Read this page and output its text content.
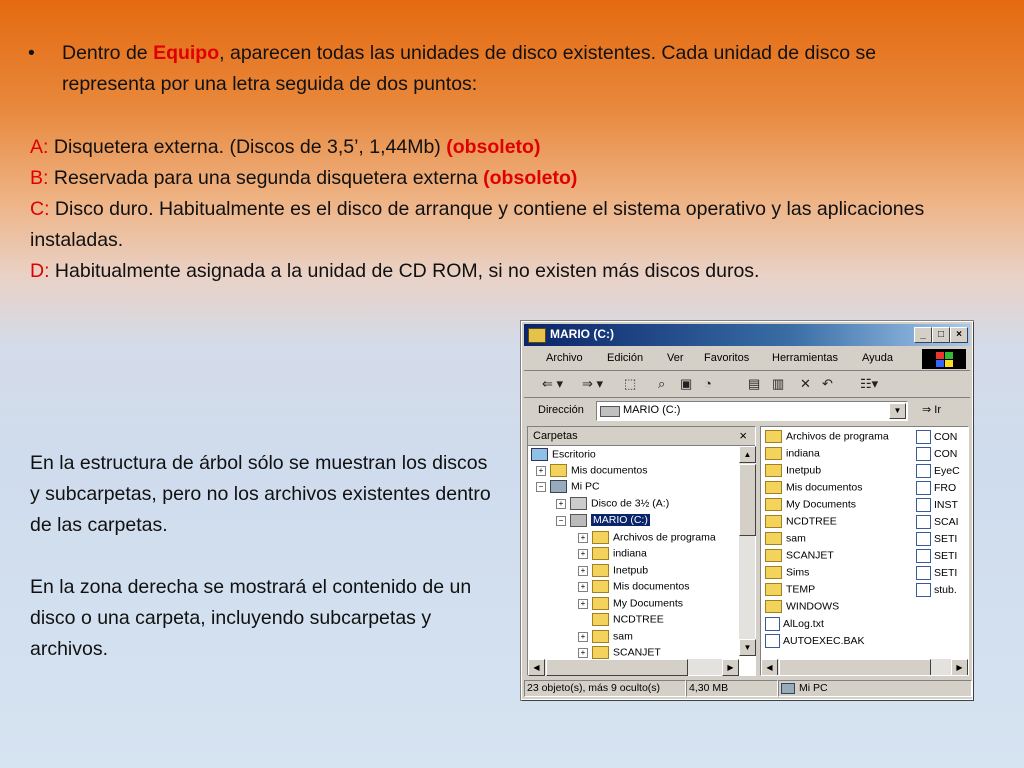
•	Dentro de Equipo, aparecen todas las unidades de disco existentes. Cada unidad de disco se representa por una letra seguida de dos puntos:
A: Disquetera externa. (Discos de 3,5’, 1,44Mb) (obsoleto)
B: Reservada para una segunda disquetera externa (obsoleto)
C: Disco duro. Habitualmente es el disco de arranque y contiene el sistema operativo y las aplicaciones instaladas.
D: Habitualmente asignada a la unidad de CD ROM, si no existen más discos duros.
En la estructura de árbol sólo se muestran los discos y subcarpetas, pero no los archivos existentes dentro de las carpetas.
En la zona derecha se mostrará el contenido de un disco o una carpeta, incluyendo subcarpetas y archivos.
MARIO (C:)	_	□	×
Archivo Edición Ver Favoritos Herramientas Ayuda
⇐ ▾ ⇒ ▾ ⬚ ⌕ ▣ ◔	▤ ▥ ✕ ↶ ☷▾
Dirección	MARIO (C:)	▼	⇒ Ir
Carpetas	×
Escritorio
+	Mis documentos
−	Mi PC
+	Disco de 3½ (A:)
−	MARIO (C:)
+	Archivos de programa
+	indiana
+	Inetpub
+	Mis documentos
+	My Documents
NCDTREE
+	sam
+	SCANJET
▲
▼
◀	▶
Archivos de programa
indiana
Inetpub
Mis documentos
My Documents
NCDTREE
sam
SCANJET
Sims
TEMP
WINDOWS
AlLog.txt
AUTOEXEC.BAK
CON
CON
EyeC
FRO
INST
SCAI
SETI
SETI
SETI
stub.
◀	▶
23 objeto(s), más 9 oculto(s)	4,30 MB	Mi PC
